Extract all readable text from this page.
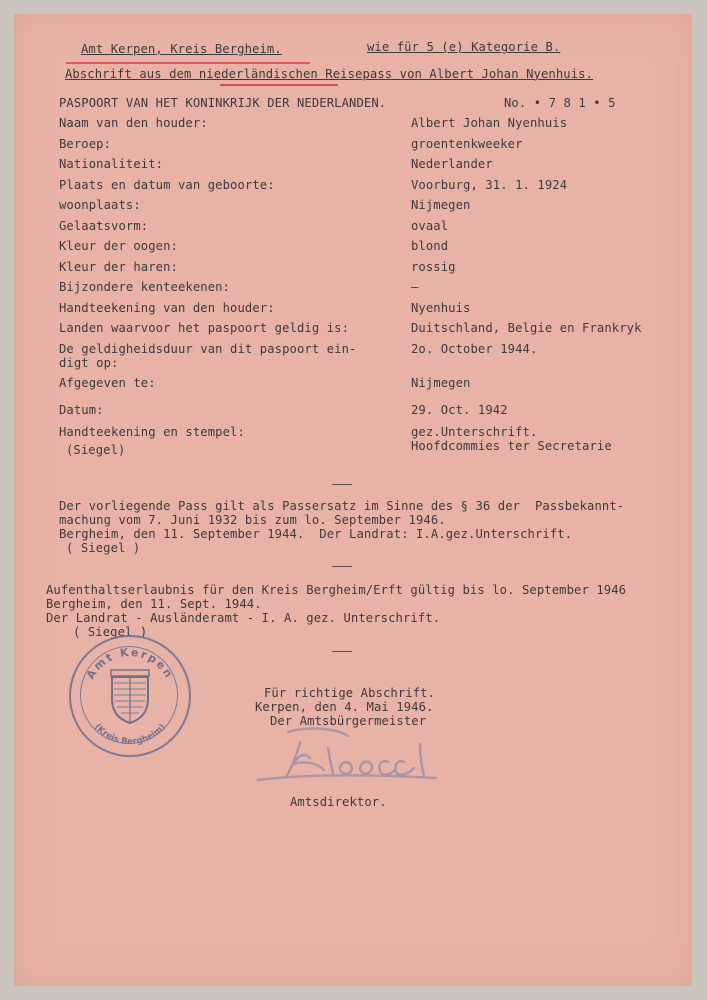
Amt Kerpen, Kreis Bergheim.	wie für 5 (e) Kategorie B.
Abschrift aus dem niederländischen Reisepass von Albert Johan Nyenhuis.
PASPOORT VAN HET KONINKRIJK DER NEDERLANDEN.	No. • 7 8 1 • 5
Naam van den houder:	Albert Johan Nyenhuis
Beroep:	groentenkweeker
Nationaliteit:	Nederlander
Plaats en datum van geboorte:	Voorburg, 31. 1. 1924
woonplaats:	Nijmegen
Gelaatsvorm:	ovaal
Kleur der oogen:	blond
Kleur der haren:	rossig
Bijzondere kenteekenen:	—
Handteekening van den houder:	Nyenhuis
Landen waarvoor het paspoort geldig is:	Duitschland, Belgie en Frankryk
De geldigheidsduur van dit paspoort ein-	2o. October 1944.
digt op:
Afgegeven te:	Nijmegen
Datum:	29. Oct. 1942
Handteekening en stempel:	gez.Unterschrift.
(Siegel)	Hoofdcommies ter Secretarie
Der vorliegende Pass gilt als Passersatz im Sinne des § 36 der  Passbekannt-
machung vom 7. Juni 1932 bis zum lo. September 1946.
Bergheim, den 11. September 1944.  Der Landrat: I.A.gez.Unterschrift.
( Siegel )
Aufenthaltserlaubnis für den Kreis Bergheim/Erft gültig bis lo. September 1946
Bergheim, den 11. Sept. 1944.
Der Landrat - Ausländeramt - I. A. gez. Unterschrift.
( Siegel )
Für richtige Abschrift.
Kerpen, den 4. Mai 1946.
Der Amtsbürgermeister
Amtsdirektor.
Amt Kerpen
(Kreis Bergheim)
